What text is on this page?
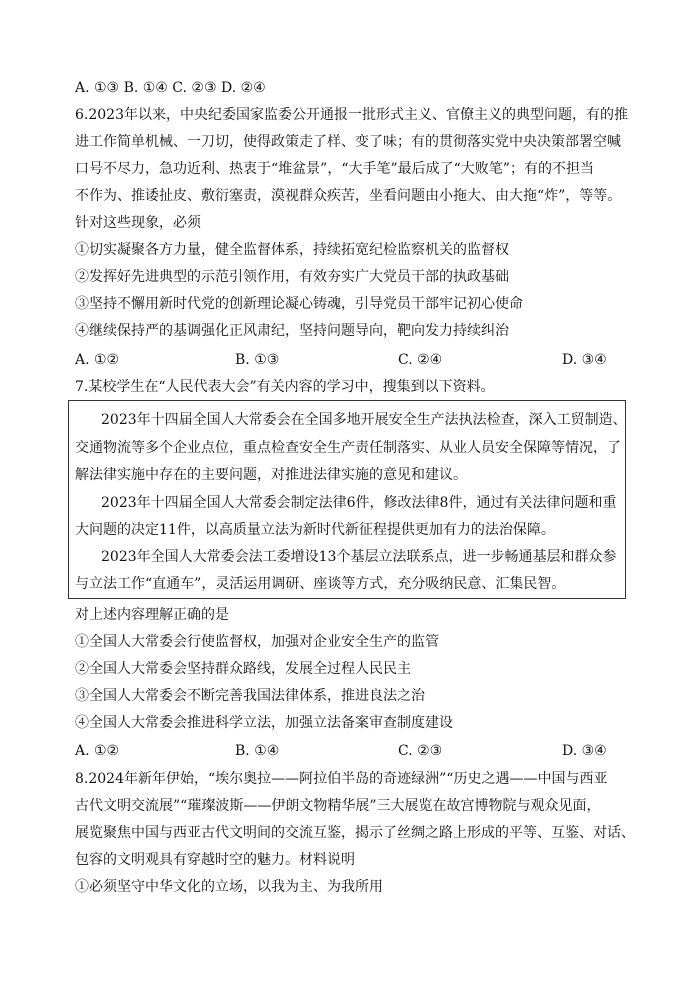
A. ①③ B. ①④ C. ②③ D. ②④
6.2023年以来，中央纪委国家监委公开通报一批形式主义、官僚主义的典型问题，有的推
进工作简单机械、一刀切，使得政策走了样、变了味；有的贯彻落实党中央决策部署空喊
口号不尽力，急功近利、热衷于“堆盆景”，“大手笔”最后成了“大败笔”；有的不担当
不作为、推诿扯皮、敷衍塞责，漠视群众疾苦，坐看问题由小拖大、由大拖“炸”，等等。
针对这些现象，必须
①切实凝聚各方力量，健全监督体系，持续拓宽纪检监察机关的监督权
②发挥好先进典型的示范引领作用，有效夯实广大党员干部的执政基础
③坚持不懈用新时代党的创新理论凝心铸魂，引导党员干部牢记初心使命
④继续保持严的基调强化正风肃纪，坚持问题导向，靶向发力持续纠治
A. ①②	B. ①③	C. ②④	D. ③④
7.某校学生在“人民代表大会”有关内容的学习中，搜集到以下资料。
2023年十四届全国人大常委会在全国多地开展安全生产法执法检查，深入工贸制造、
交通物流等多个企业点位，重点检查安全生产责任制落实、从业人员安全保障等情况，了
解法律实施中存在的主要问题，对推进法律实施的意见和建议。
2023年十四届全国人大常委会制定法律6件，修改法律8件，通过有关法律问题和重
大问题的决定11件，以高质量立法为新时代新征程提供更加有力的法治保障。
2023年全国人大常委会法工委增设13个基层立法联系点，进一步畅通基层和群众参
与立法工作“直通车”，灵活运用调研、座谈等方式，充分吸纳民意、汇集民智。
对上述内容理解正确的是
①全国人大常委会行使监督权，加强对企业安全生产的监管
②全国人大常委会坚持群众路线，发展全过程人民民主
③全国人大常委会不断完善我国法律体系，推进良法之治
④全国人大常委会推进科学立法，加强立法备案审查制度建设
A. ①②	B. ①④	C. ②③	D. ③④
8.2024年新年伊始，“埃尔奥拉——阿拉伯半岛的奇迹绿洲”“历史之遇——中国与西亚
古代文明交流展”“璀璨波斯——伊朗文物精华展”三大展览在故宫博物院与观众见面，
展览聚焦中国与西亚古代文明间的交流互鉴，揭示了丝绸之路上形成的平等、互鉴、对话、
包容的文明观具有穿越时空的魅力。材料说明
①必须坚守中华文化的立场，以我为主、为我所用
